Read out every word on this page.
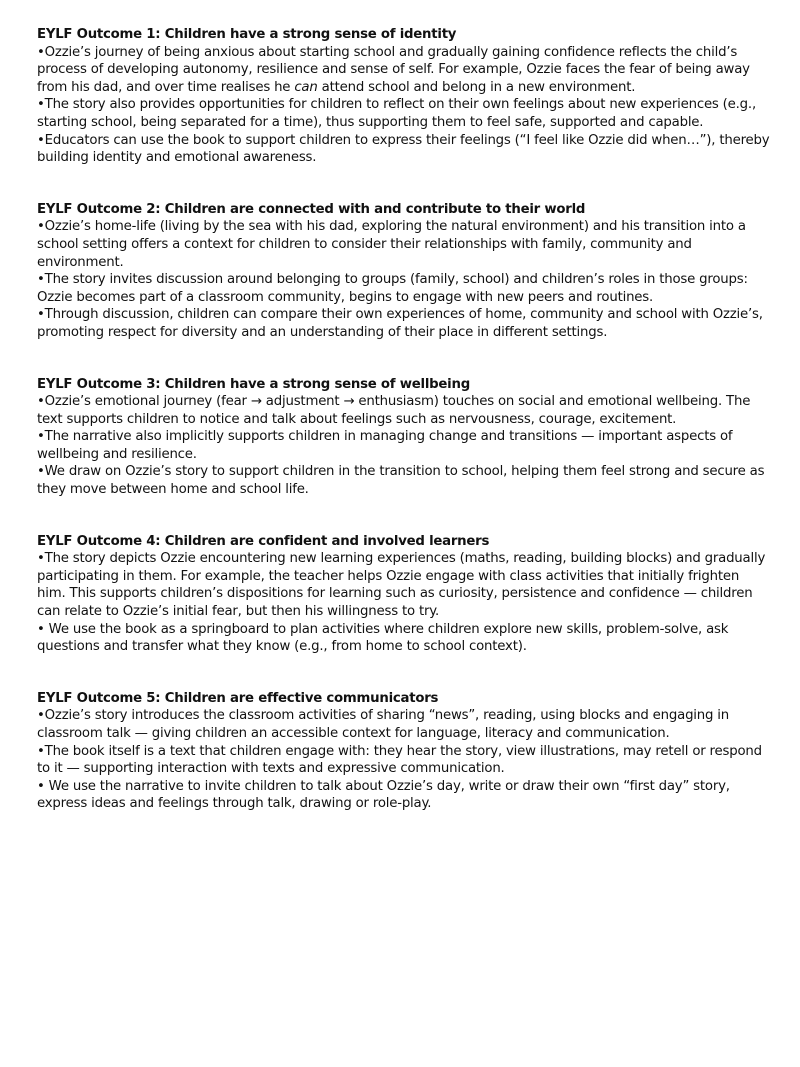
EYLF Outcome 1: Children have a strong sense of identity

•Ozzie’s journey of being anxious about starting school and gradually gaining confidence reflects the child’s process of developing autonomy, resilience and sense of self. For example, Ozzie faces the fear of being away from his dad, and over time realises he can attend school and belong in a new environment.

•The story also provides opportunities for children to reflect on their own feelings about new experiences (e.g., starting school, being separated for a time), thus supporting them to feel safe, supported and capable.

•Educators can use the book to support children to express their feelings (“I feel like Ozzie did when…”), thereby building identity and emotional awareness.

EYLF Outcome 2: Children are connected with and contribute to their world

•Ozzie’s home-life (living by the sea with his dad, exploring the natural environment) and his transition into a school setting offers a context for children to consider their relationships with family, community and environment.

•The story invites discussion around belonging to groups (family, school) and children’s roles in those groups: Ozzie becomes part of a classroom community, begins to engage with new peers and routines.

•Through discussion, children can compare their own experiences of home, community and school with Ozzie’s, promoting respect for diversity and an understanding of their place in different settings.

EYLF Outcome 3: Children have a strong sense of wellbeing

•Ozzie’s emotional journey (fear → adjustment → enthusiasm) touches on social and emotional wellbeing. The text supports children to notice and talk about feelings such as nervousness, courage, excitement.

•The narrative also implicitly supports children in managing change and transitions — important aspects of wellbeing and resilience.

•We draw on Ozzie’s story to support children in the transition to school, helping them feel strong and secure as they move between home and school life.

EYLF Outcome 4: Children are confident and involved learners

•The story depicts Ozzie encountering new learning experiences (maths, reading, building blocks) and gradually participating in them. For example, the teacher helps Ozzie engage with class activities that initially frighten him. This supports children’s dispositions for learning such as curiosity, persistence and confidence — children can relate to Ozzie’s initial fear, but then his willingness to try.

• We use the book as a springboard to plan activities where children explore new skills, problem-solve, ask questions and transfer what they know (e.g., from home to school context).

EYLF Outcome 5: Children are effective communicators

•Ozzie’s story introduces the classroom activities of sharing “news”, reading, using blocks and engaging in classroom talk — giving children an accessible context for language, literacy and communication.

•The book itself is a text that children engage with: they hear the story, view illustrations, may retell or respond to it — supporting interaction with texts and expressive communication.

• We use the narrative to invite children to talk about Ozzie’s day, write or draw their own “first day” story, express ideas and feelings through talk, drawing or role-play.
